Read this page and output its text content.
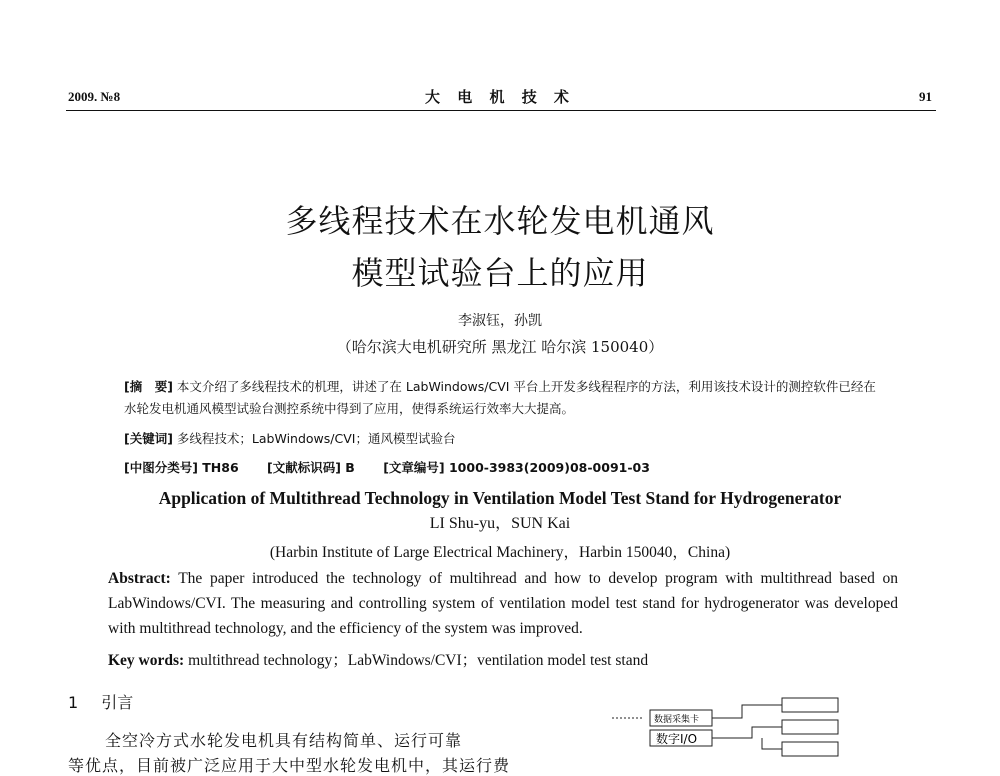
2009. №8	大 电 机 技 术	91
多线程技术在水轮发电机通风
模型试验台上的应用
李淑钰，孙凯
（哈尔滨大电机研究所 黑龙江 哈尔滨 150040）
[摘　要] 本文介绍了多线程技术的机理，讲述了在 LabWindows/CVI 平台上开发多线程程序的方法，利用该技术设计的测控软件已经在水轮发电机通风模型试验台测控系统中得到了应用，使得系统运行效率大大提高。
[关键词] 多线程技术；LabWindows/CVI；通风模型试验台
[中图分类号] TH86 [文献标识码] B [文章编号] 1000-3983(2009)08-0091-03
Application of Multithread Technology in Ventilation Model Test Stand for Hydrogenerator
LI Shu-yu，SUN Kai
(Harbin Institute of Large Electrical Machinery，Harbin 150040，China)
Abstract: The paper introduced the technology of multihread and how to develop program with multithread based on LabWindows/CVI. The measuring and controlling system of ventilation model test stand for hydrogenerator was developed with multithread technology, and the efficiency of the system was improved.
Key words: multithread technology；LabWindows/CVI；ventilation model test stand
1 引言
全空冷方式水轮发电机具有结构简单、运行可靠
等优点，目前被广泛应用于大中型水轮发电机中，其运行费
数据采集卡
数字I/O
